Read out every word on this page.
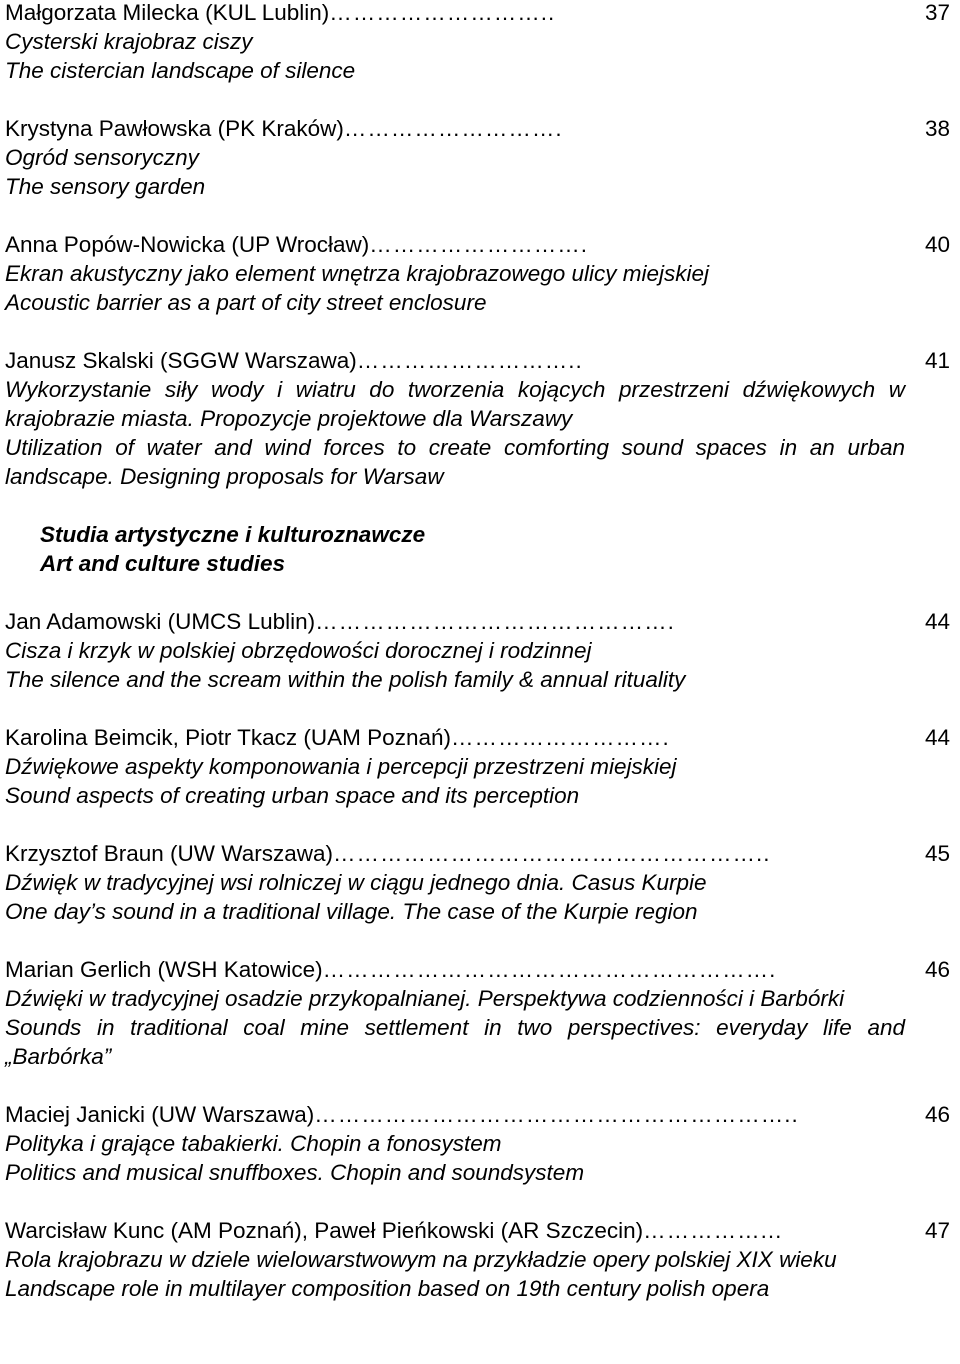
Małgorzata Milecka (KUL Lublin) ………………………..	37
Cysterski krajobraz ciszy
The cistercian landscape of silence
Krystyna Pawłowska (PK Kraków) ……………………….	38
Ogród sensoryczny
The sensory garden
Anna Popów-Nowicka (UP Wrocław) ……………………….	40
Ekran akustyczny jako element wnętrza krajobrazowego ulicy miejskiej
Acoustic barrier as a part of city street enclosure
Janusz Skalski (SGGW Warszawa) ………………………..	41
Wykorzystanie siły wody i wiatru do tworzenia kojących przestrzeni dźwiękowych w krajobrazie miasta. Propozycje projektowe dla Warszawy
Utilization of water and wind forces to create comforting sound spaces in an urban landscape. Designing proposals for Warsaw
Studia artystyczne i kulturoznawcze
Art and culture studies
Jan Adamowski (UMCS Lublin) ……………………………………….	44
Cisza i krzyk w polskiej obrzędowości dorocznej i rodzinnej
The silence and the scream within the polish family & annual rituality
Karolina Beimcik, Piotr Tkacz (UAM Poznań) ……………………….	44
Dźwiękowe aspekty komponowania i percepcji przestrzeni miejskiej
Sound aspects of creating urban space and its perception
Krzysztof Braun (UW Warszawa) ………………………………………………..	45
Dźwięk w tradycyjnej wsi rolniczej w ciągu jednego dnia. Casus Kurpie
One day’s sound in a traditional village. The case of the Kurpie region
Marian Gerlich (WSH Katowice) ………………………………………………….	46
Dźwięki w tradycyjnej osadzie przykopalnianej. Perspektywa codzienności i Barbórki
Sounds in traditional coal mine settlement in two perspectives: everyday life and „Barbórka”
Maciej Janicki (UW Warszawa) ……………………………………………………..	46
Polityka i grające tabakierki. Chopin a fonosystem
Politics and musical snuffboxes. Chopin and soundsystem
Warcisław Kunc (AM Poznań), Paweł Pieńkowski (AR Szczecin) ……………...	47
Rola krajobrazu w dziele wielowarstwowym na przykładzie opery polskiej XIX wieku
Landscape role in multilayer composition based on 19th century polish opera
